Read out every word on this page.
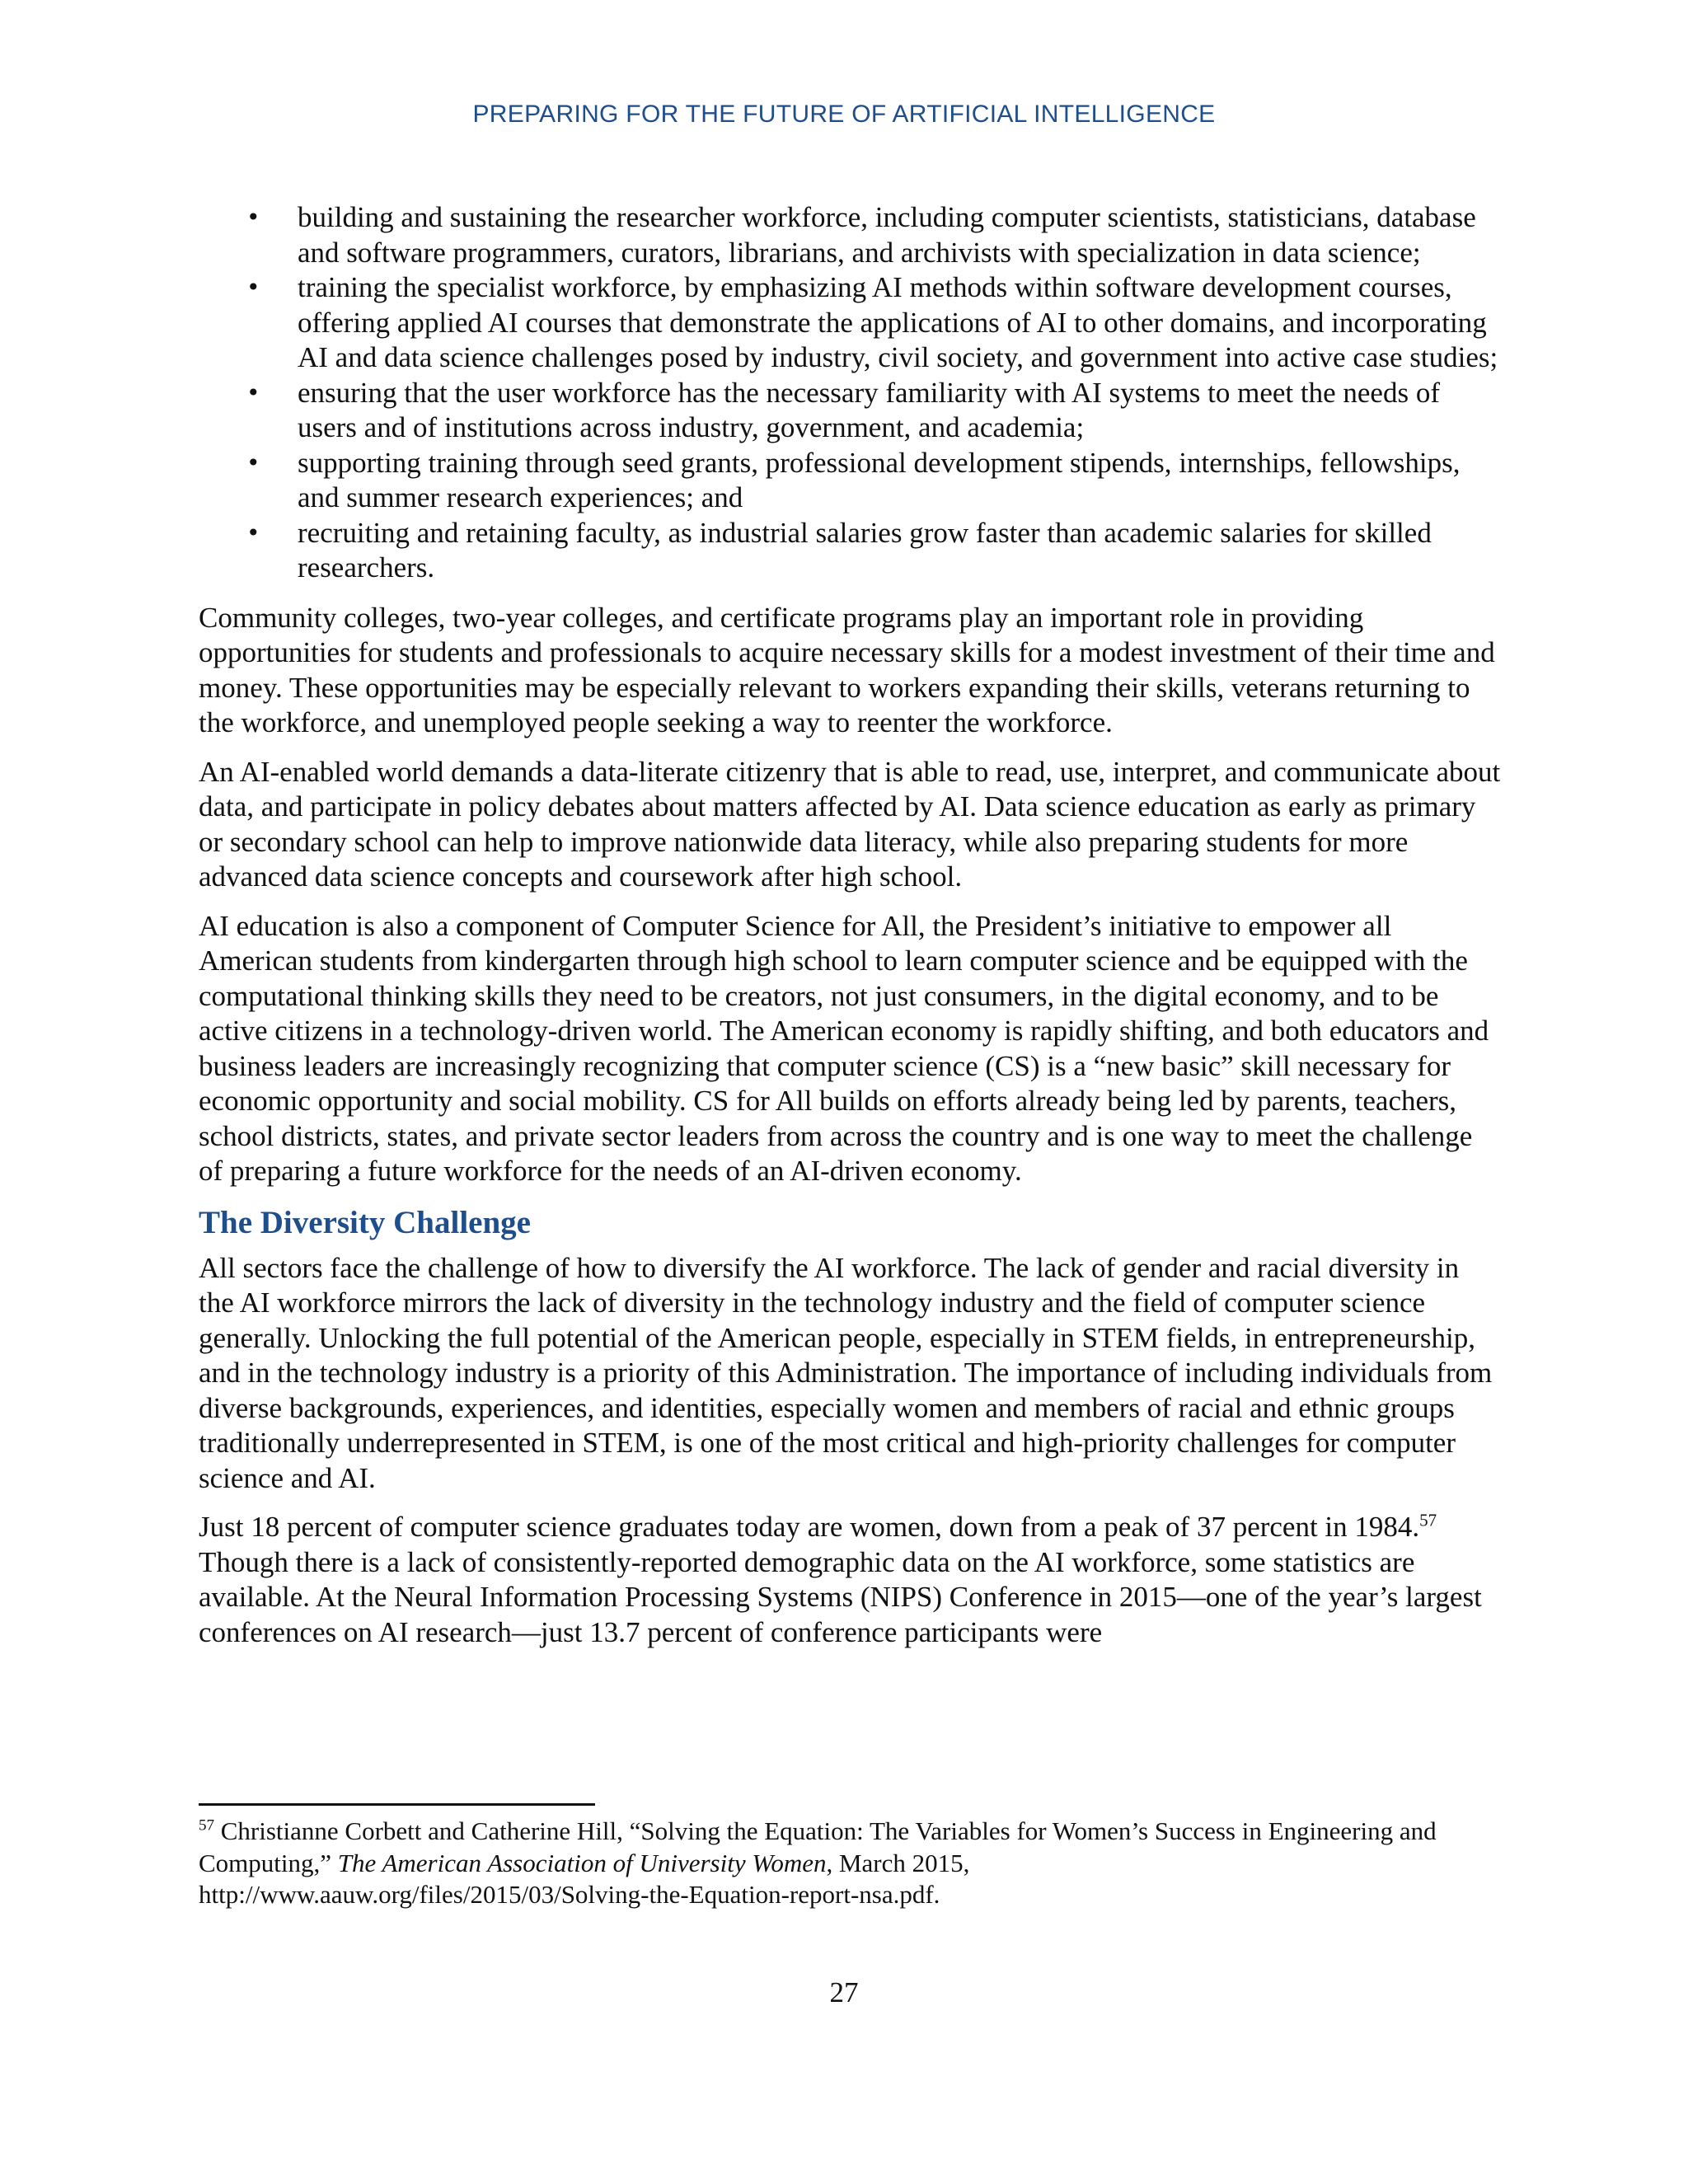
PREPARING FOR THE FUTURE OF ARTIFICIAL INTELLIGENCE
• building and sustaining the researcher workforce, including computer scientists, statisticians, database and software programmers, curators, librarians, and archivists with specialization in data science;
• training the specialist workforce, by emphasizing AI methods within software development courses, offering applied AI courses that demonstrate the applications of AI to other domains, and incorporating AI and data science challenges posed by industry, civil society, and government into active case studies;
• ensuring that the user workforce has the necessary familiarity with AI systems to meet the needs of users and of institutions across industry, government, and academia;
• supporting training through seed grants, professional development stipends, internships, fellowships, and summer research experiences; and
• recruiting and retaining faculty, as industrial salaries grow faster than academic salaries for skilled researchers.

Community colleges, two-year colleges, and certificate programs play an important role in providing opportunities for students and professionals to acquire necessary skills for a modest investment of their time and money. These opportunities may be especially relevant to workers expanding their skills, veterans returning to the workforce, and unemployed people seeking a way to reenter the workforce.

An AI-enabled world demands a data-literate citizenry that is able to read, use, interpret, and communicate about data, and participate in policy debates about matters affected by AI. Data science education as early as primary or secondary school can help to improve nationwide data literacy, while also preparing students for more advanced data science concepts and coursework after high school.

AI education is also a component of Computer Science for All, the President’s initiative to empower all American students from kindergarten through high school to learn computer science and be equipped with the computational thinking skills they need to be creators, not just consumers, in the digital economy, and to be active citizens in a technology-driven world. The American economy is rapidly shifting, and both educators and business leaders are increasingly recognizing that computer science (CS) is a “new basic” skill necessary for economic opportunity and social mobility. CS for All builds on efforts already being led by parents, teachers, school districts, states, and private sector leaders from across the country and is one way to meet the challenge of preparing a future workforce for the needs of an AI-driven economy.

The Diversity Challenge

All sectors face the challenge of how to diversify the AI workforce. The lack of gender and racial diversity in the AI workforce mirrors the lack of diversity in the technology industry and the field of computer science generally. Unlocking the full potential of the American people, especially in STEM fields, in entrepreneurship, and in the technology industry is a priority of this Administration. The importance of including individuals from diverse backgrounds, experiences, and identities, especially women and members of racial and ethnic groups traditionally underrepresented in STEM, is one of the most critical and high-priority challenges for computer science and AI.

Just 18 percent of computer science graduates today are women, down from a peak of 37 percent in 1984.57 Though there is a lack of consistently-reported demographic data on the AI workforce, some statistics are available. At the Neural Information Processing Systems (NIPS) Conference in 2015—one of the year’s largest conferences on AI research—just 13.7 percent of conference participants were

$^{57}$ Christianne Corbett and Catherine Hill, “Solving the Equation: The Variables for Women’s Success in Engineering and Computing,” The American Association of University Women, March 2015,
http://www.aauw.org/files/2015/03/Solving-the-Equation-report-nsa.pdf.
27
